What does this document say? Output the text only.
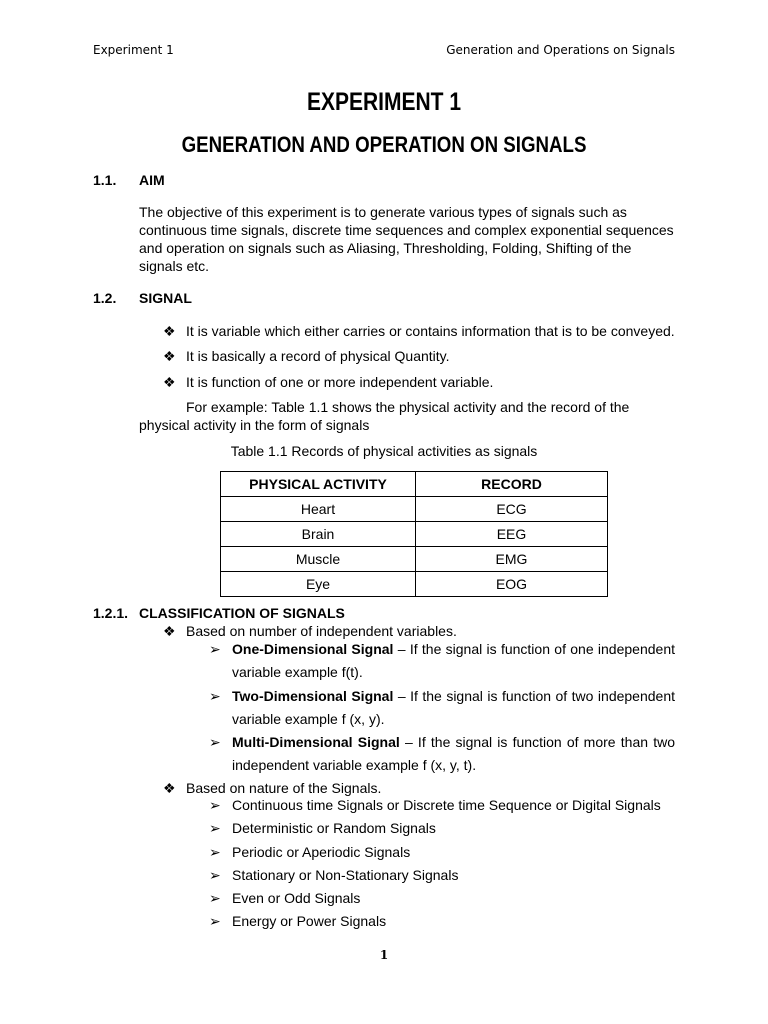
Experiment 1	Generation and Operations on Signals
EXPERIMENT 1
GENERATION AND OPERATION ON SIGNALS
1.1. AIM
The objective of this experiment is to generate various types of signals such as
continuous time signals, discrete time sequences and complex exponential sequences
and operation on signals such as Aliasing, Thresholding, Folding, Shifting of the
signals etc.
1.2. SIGNAL
❖ It is variable which either carries or contains information that is to be conveyed.
❖ It is basically a record of physical Quantity.
❖ It is function of one or more independent variable.
For example: Table 1.1 shows the physical activity and the record of the
physical activity in the form of signals
Table 1.1 Records of physical activities as signals
PHYSICAL ACTIVITY	RECORD
Heart	ECG
Brain	EEG
Muscle	EMG
Eye	EOG
1.2.1. CLASSIFICATION OF SIGNALS
❖ Based on number of independent variables.
➢ One-Dimensional Signal – If the signal is function of one independent variable example f(t).
➢ Two-Dimensional Signal – If the signal is function of two independent variable example f (x, y).
➢ Multi-Dimensional Signal – If the signal is function of more than two independent variable example f (x, y, t).
❖ Based on nature of the Signals.
➢ Continuous time Signals or Discrete time Sequence or Digital Signals
➢ Deterministic or Random Signals
➢ Periodic or Aperiodic Signals
➢ Stationary or Non-Stationary Signals
➢ Even or Odd Signals
➢ Energy or Power Signals
1
